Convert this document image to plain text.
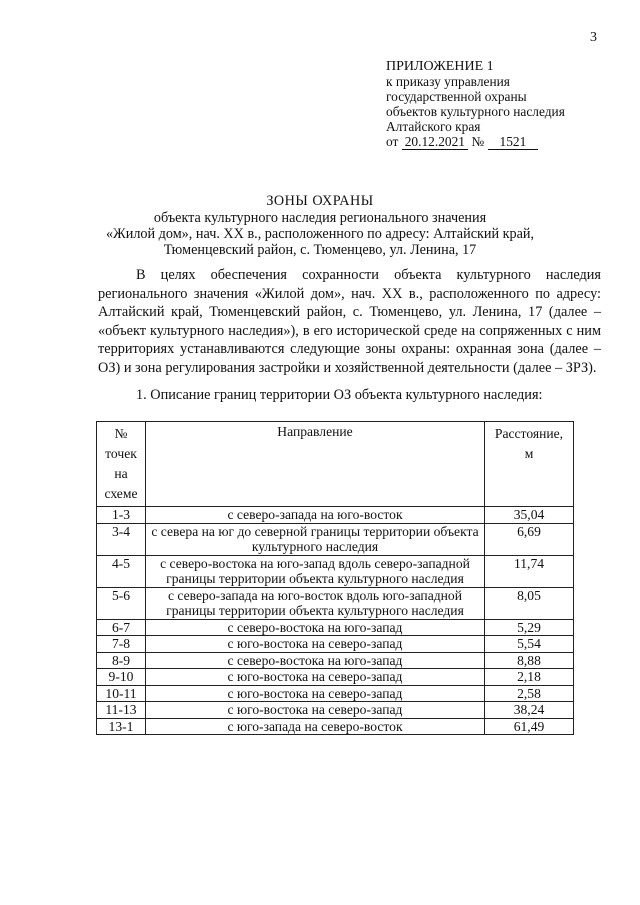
3
ПРИЛОЖЕНИЕ 1
к приказу управления
государственной охраны
объектов культурного наследия
Алтайского края
от 20.12.2021 № 1521
ЗОНЫ ОХРАНЫ
объекта культурного наследия регионального значения
«Жилой дом», нач. XX в., расположенного по адресу: Алтайский край,
Тюменцевский район, с. Тюменцево, ул. Ленина, 17

В целях обеспечения сохранности объекта культурного наследия регионального значения «Жилой дом», нач. XX в., расположенного по адресу: Алтайский край, Тюменцевский район, с. Тюменцево, ул. Ленина, 17 (далее – «объект культурного наследия»), в его исторической среде на сопряженных с ним территориях устанавливаются следующие зоны охраны: охранная зона (далее – ОЗ) и зона регулирования застройки и хозяйственной деятельности (далее – ЗРЗ).

1. Описание границ территории ОЗ объекта культурного наследия:
№ точек на схеме	Направление	Расстояние, м
1-3	с северо-запада на юго-восток	35,04
3-4	с севера на юг до северной границы территории объекта культурного наследия	6,69
4-5	с северо-востока на юго-запад вдоль северо-западной границы территории объекта культурного наследия	11,74
5-6	с северо-запада на юго-восток вдоль юго-западной границы территории объекта культурного наследия	8,05
6-7	с северо-востока на юго-запад	5,29
7-8	с юго-востока на северо-запад	5,54
8-9	с северо-востока на юго-запад	8,88
9-10	с юго-востока на северо-запад	2,18
10-11	с юго-востока на северо-запад	2,58
11-13	с юго-востока на северо-запад	38,24
13-1	с юго-запада на северо-восток	61,49
